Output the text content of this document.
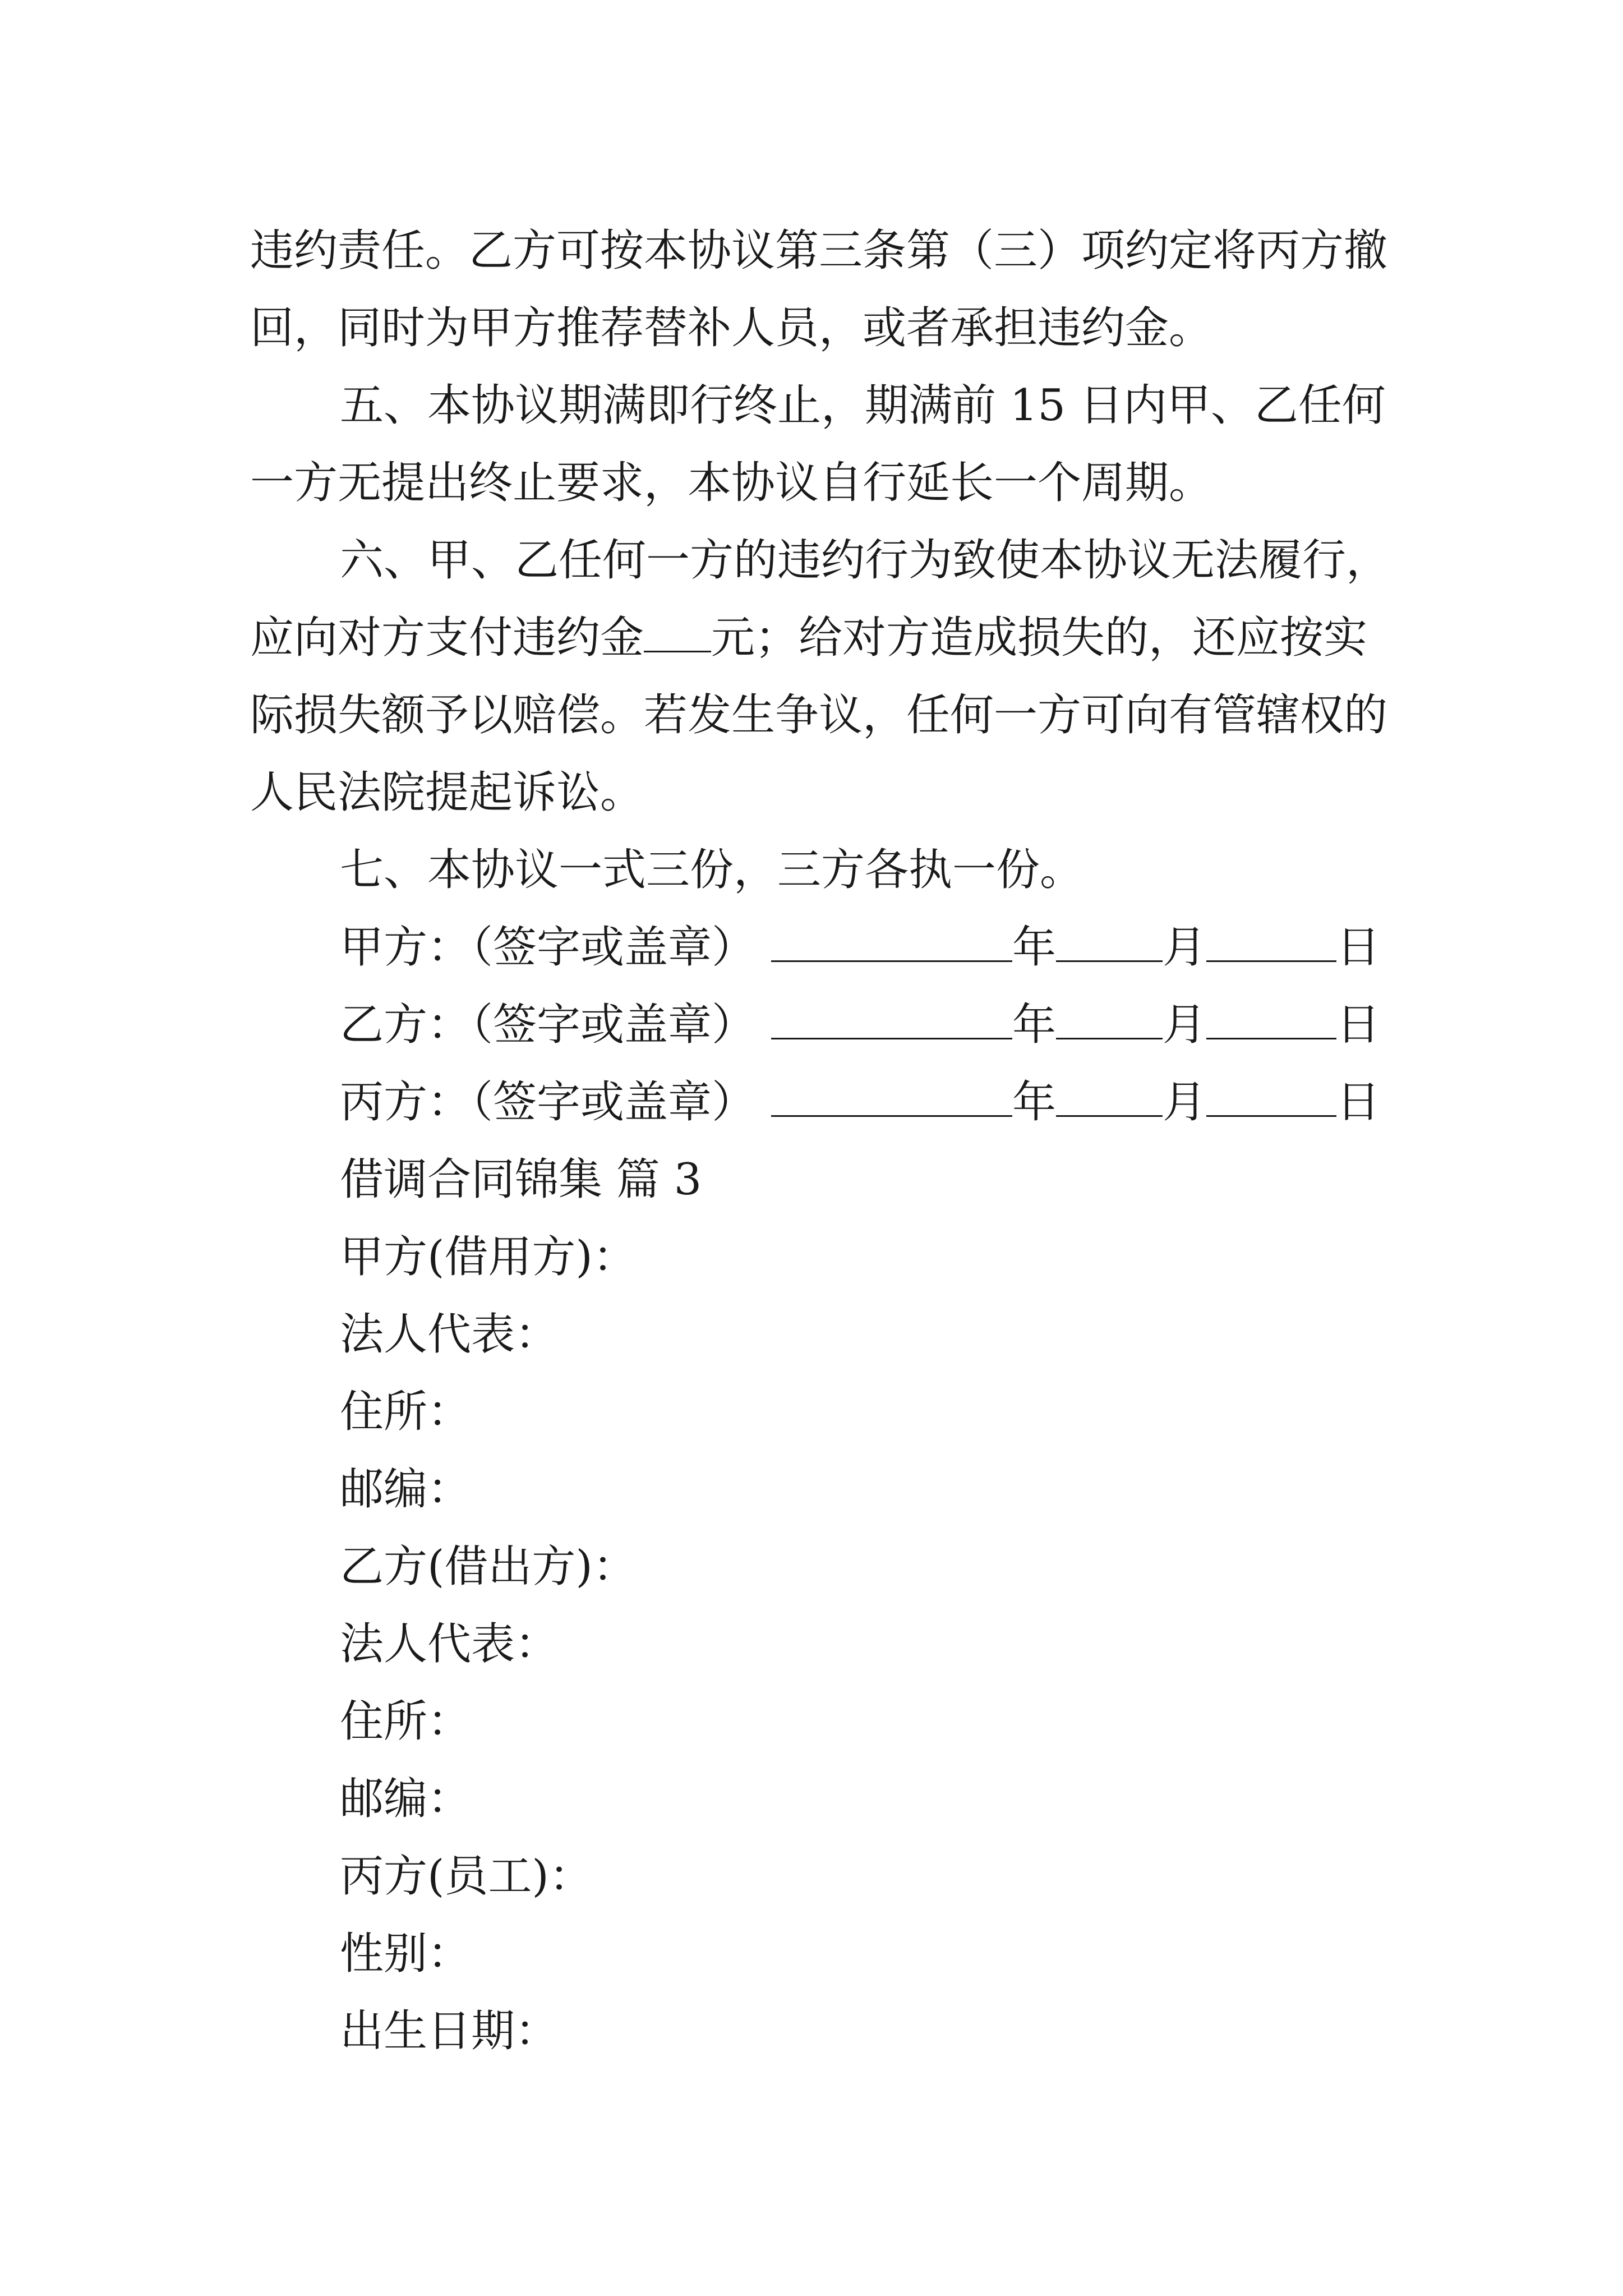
违约责任。乙方可按本协议第三条第（三）项约定将丙方撤
回，同时为甲方推荐替补人员，或者承担违约金。
五、本协议期满即行终止，期满前 15 日内甲、乙任何
一方无提出终止要求，本协议自行延长一个周期。
六、甲、乙任何一方的违约行为致使本协议无法履行，
应向对方支付违约金 元；给对方造成损失的，还应按实
际损失额予以赔偿。若发生争议，任何一方可向有管辖权的
人民法院提起诉讼。
七、本协议一式三份，三方各执一份。
甲方：（签字或盖章）	年 月	日
乙方：（签字或盖章）	年 月	日
丙方：（签字或盖章）	年 月	日
借调合同锦集 篇 3
甲方(借用方)：
法人代表：
住所：
邮编：
乙方(借出方)：
法人代表：
住所：
邮编：
丙方(员工)：
性别：
出生日期：
